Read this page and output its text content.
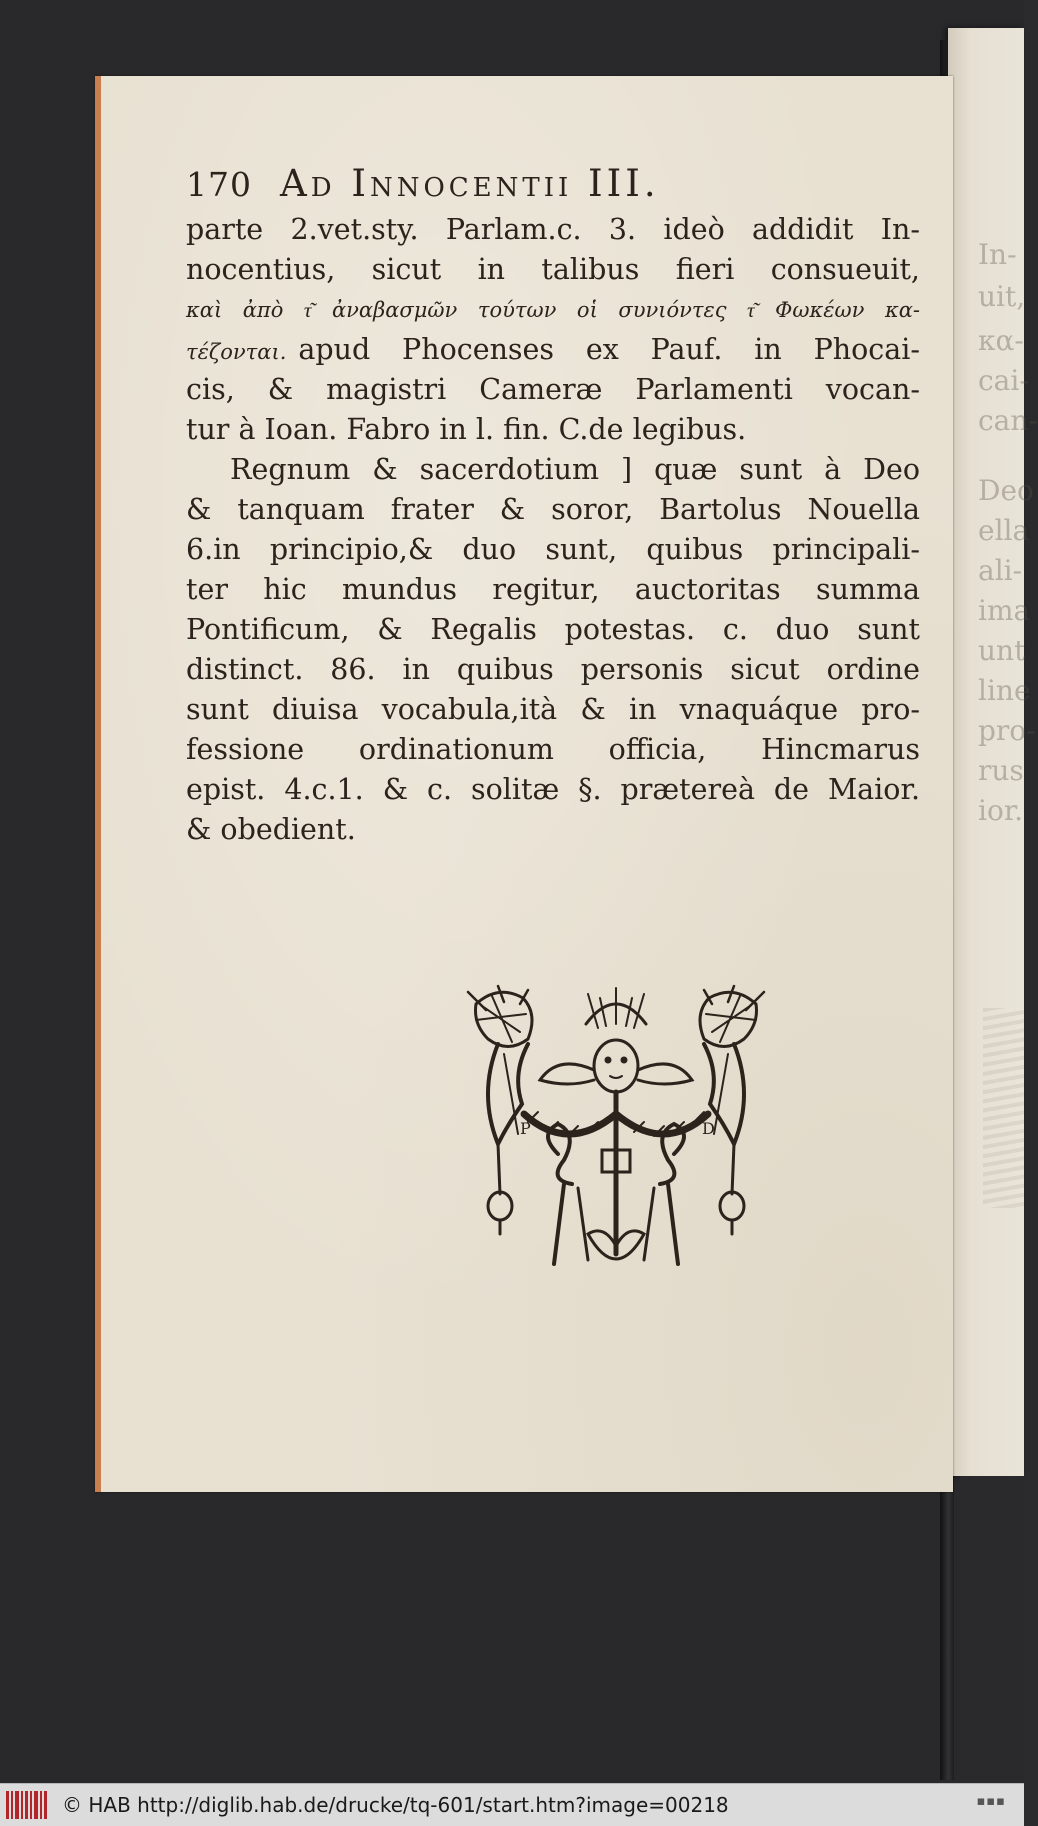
In-
uit,
κα-
cai-
can-
Deo
ella
ali-
ima
unt
line
pro-
rus
ior.
170 Ad Innocentii III.
parte 2.vet.sty. Parlam.c. 3. ideò addidit In-
nocentius, sicut in talibus fieri consueuit,
καὶ ἀπὸ τ͂ ἀναβασμῶν τούτων οἱ συνιόντες τ͂ Φωκέων κα-
τέζονται. apud Phocenses ex Pauf. in Phocai-
cis, & magistri Cameræ Parlamenti vocan-
tur à Ioan. Fabro in l. fin. C.de legibus.
Regnum & sacerdotium ] quæ sunt à Deo
& tanquam frater & soror, Bartolus Nouella
6.in principio,& duo sunt, quibus principali-
ter hic mundus regitur, auctoritas summa
Pontificum, & Regalis potestas. c. duo sunt
distinct. 86. in quibus personis sicut ordine
sunt diuisa vocabula,ità & in vnaquáque pro-
fessione ordinationum officia, Hincmarus
epist. 4.c.1. & c. solitæ §. prætereà de Maior.
& obedient.
P	D
© HAB http://diglib.hab.de/drucke/tq-601/start.htm?image=00218	▪▪▪
